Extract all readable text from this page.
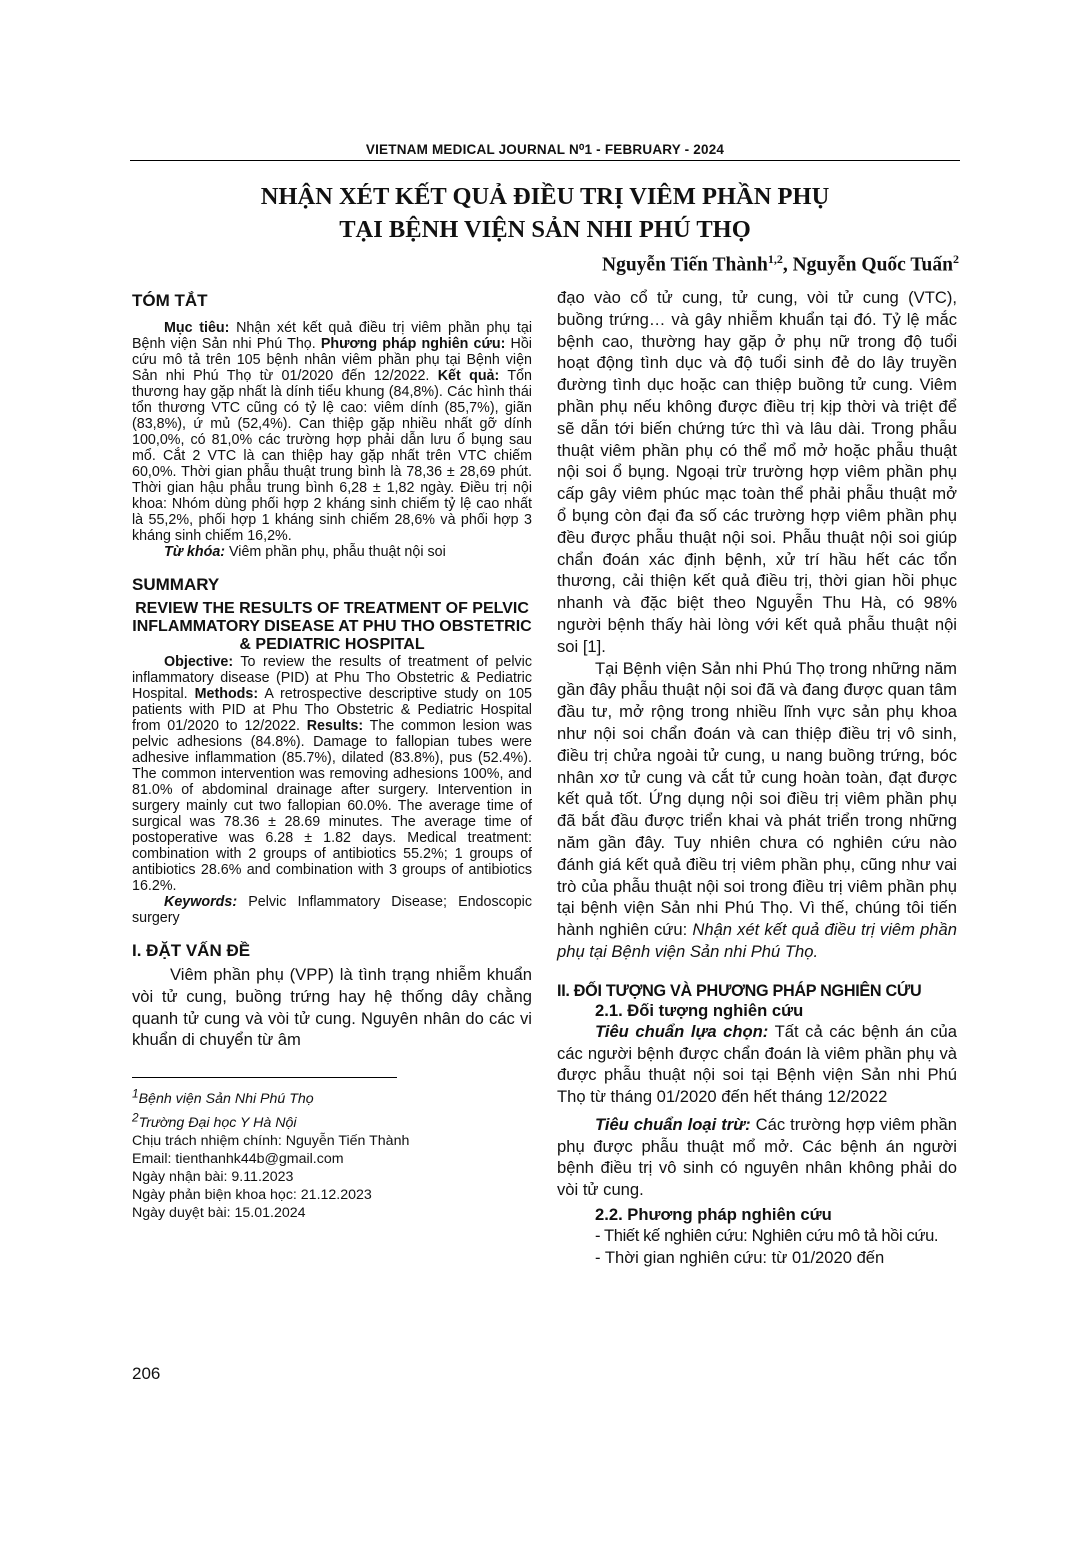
VIETNAM MEDICAL JOURNAL N⁰1 - FEBRUARY - 2024
NHẬN XÉT KẾT QUẢ ĐIỀU TRỊ VIÊM PHẦN PHỤ
TẠI BỆNH VIỆN SẢN NHI PHÚ THỌ
Nguyễn Tiến Thành$^{1,2}$, Nguyễn Quốc Tuấn$^2$

TÓM TẮT

Mục tiêu: Nhận xét kết quả điều trị viêm phần phụ tại Bệnh viện Sản nhi Phú Thọ. Phương pháp nghiên cứu: Hồi cứu mô tả trên 105 bệnh nhân viêm phần phụ tại Bệnh viện Sản nhi Phú Thọ từ 01/2020 đến 12/2022. Kết quả: Tổn thương hay gặp nhất là dính tiểu khung (84,8%). Các hình thái tổn thương VTC cũng có tỷ lệ cao: viêm dính (85,7%), giãn (83,8%), ứ mủ (52,4%). Can thiệp gặp nhiều nhất gỡ dính 100,0%, có 81,0% các trường hợp phải dẫn lưu ổ bụng sau mổ. Cắt 2 VTC là can thiệp hay gặp nhất trên VTC chiếm 60,0%. Thời gian phẫu thuật trung bình là 78,36 ± 28,69 phút. Thời gian hậu phẫu trung bình 6,28 ± 1,82 ngày. Điều trị nội khoa: Nhóm dùng phối hợp 2 kháng sinh chiếm tỷ lệ cao nhất là 55,2%, phối hợp 1 kháng sinh chiếm 28,6% và phối hợp 3 kháng sinh chiếm 16,2%.

Từ khóa: Viêm phần phụ, phẫu thuật nội soi

SUMMARY

REVIEW THE RESULTS OF TREATMENT OF PELVIC INFLAMMATORY DISEASE AT PHU THO OBSTETRIC & PEDIATRIC HOSPITAL

Objective: To review the results of treatment of pelvic inflammatory disease (PID) at Phu Tho Obstetric & Pediatric Hospital. Methods: A retrospective descriptive study on 105 patients with PID at Phu Tho Obstetric & Pediatric Hospital from 01/2020 to 12/2022. Results: The common lesion was pelvic adhesions (84.8%). Damage to fallopian tubes were adhesive inflammation (85.7%), dilated (83.8%), pus (52.4%). The common intervention was removing adhesions 100%, and 81.0% of abdominal drainage after surgery. Intervention in surgery mainly cut two fallopian 60.0%. The average time of surgical was 78.36 ± 28.69 minutes. The average time of postoperative was 6.28 ± 1.82 days. Medical treatment: combination with 2 groups of antibiotics 55.2%; 1 groups of antibiotics 28.6% and combination with 3 groups of antibiotics 16.2%.

Keywords: Pelvic Inflammatory Disease; Endoscopic surgery

I. ĐẶT VẤN ĐỀ

Viêm phần phụ (VPP) là tình trạng nhiễm khuẩn vòi tử cung, buồng trứng hay hệ thống dây chằng quanh tử cung và vòi tử cung. Nguyên nhân do các vi khuẩn di chuyển từ âm

$^1$Bệnh viện Sản Nhi Phú Thọ

$^2$Trường Đại học Y Hà Nội

Chịu trách nhiệm chính: Nguyễn Tiến Thành

Email: tienthanhk44b@gmail.com

Ngày nhận bài: 9.11.2023

Ngày phản biện khoa học: 21.12.2023

Ngày duyệt bài: 15.01.2024

206

đạo vào cổ tử cung, tử cung, vòi tử cung (VTC), buồng trứng… và gây nhiễm khuẩn tại đó. Tỷ lệ mắc bệnh cao, thường hay gặp ở phụ nữ trong độ tuổi hoạt động tình dục và độ tuổi sinh đẻ do lây truyền đường tình dục hoặc can thiệp buồng tử cung. Viêm phần phụ nếu không được điều trị kịp thời và triệt để sẽ dẫn tới biến chứng tức thì và lâu dài. Trong phẫu thuật viêm phần phụ có thể mổ mở hoặc phẫu thuật nội soi ổ bụng. Ngoại trừ trường hợp viêm phần phụ cấp gây viêm phúc mạc toàn thể phải phẫu thuật mở ổ bụng còn đại đa số các trường hợp viêm phần phụ đều được phẫu thuật nội soi. Phẫu thuật nội soi giúp chẩn đoán xác định bệnh, xử trí hầu hết các tổn thương, cải thiện kết quả điều trị, thời gian hồi phục nhanh và đặc biệt theo Nguyễn Thu Hà, có 98% người bệnh thấy hài lòng với kết quả phẫu thuật nội soi [1].

Tại Bệnh viện Sản nhi Phú Thọ trong những năm gần đây phẫu thuật nội soi đã và đang được quan tâm đầu tư, mở rộng trong nhiều lĩnh vực sản phụ khoa như nội soi chẩn đoán và can thiệp điều trị vô sinh, điều trị chửa ngoài tử cung, u nang buồng trứng, bóc nhân xơ tử cung và cắt tử cung hoàn toàn, đạt được kết quả tốt. Ứng dụng nội soi điều trị viêm phần phụ đã bắt đầu được triển khai và phát triển trong những năm gần đây. Tuy nhiên chưa có nghiên cứu nào đánh giá kết quả điều trị viêm phần phụ, cũng như vai trò của phẫu thuật nội soi trong điều trị viêm phần phụ tại bệnh viện Sản nhi Phú Thọ. Vì thế, chúng tôi tiến hành nghiên cứu: Nhận xét kết quả điều trị viêm phần phụ tại Bệnh viện Sản nhi Phú Thọ.

II. ĐỐI TƯỢNG VÀ PHƯƠNG PHÁP NGHIÊN CỨU

2.1. Đối tượng nghiên cứu

Tiêu chuẩn lựa chọn: Tất cả các bệnh án của các người bệnh được chẩn đoán là viêm phần phụ và được phẫu thuật nội soi tại Bệnh viện Sản nhi Phú Thọ từ tháng 01/2020 đến hết tháng 12/2022

Tiêu chuẩn loại trừ: Các trường hợp viêm phần phụ được phẫu thuật mổ mở. Các bệnh án người bệnh điều trị vô sinh có nguyên nhân không phải do vòi tử cung.

2.2. Phương pháp nghiên cứu

- Thiết kế nghiên cứu: Nghiên cứu mô tả hồi cứu.

- Thời gian nghiên cứu: từ 01/2020 đến
